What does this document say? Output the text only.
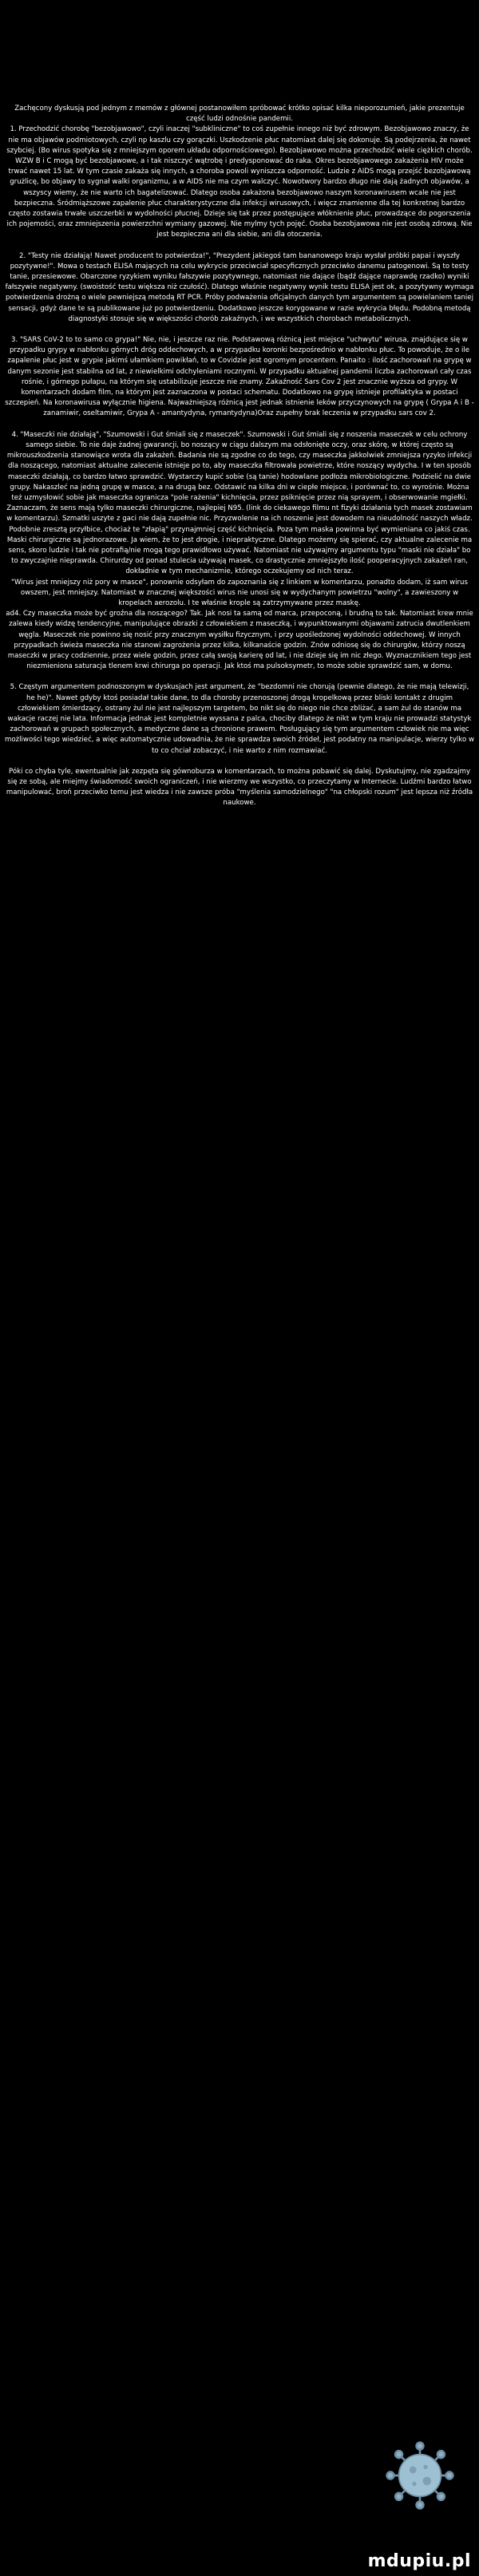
Zachęcony dyskusją pod jednym z memów z głównej postanowiłem spróbować krótko opisać kilka nieporozumień, jakie prezentuje część ludzi odnośnie pandemii.
1. Przechodzić chorobę "bezobjawowo", czyli inaczej "subkliniczne" to coś zupełnie innego niż być zdrowym. Bezobjawowo znaczy, że nie ma objawów podmiotowych, czyli np kaszlu czy gorączki. Uszkodzenie płuc natomiast dalej się dokonuje. Są podejrzenia, że nawet szybciej. (Bo wirus spotyka się z mniejszym oporem układu odpornościowego). Bezobjawowo można przechodzić wiele ciężkich chorób. WZW B i C mogą być bezobjawowe, a i tak niszczyć wątrobę i predysponować do raka. Okres bezobjawowego zakażenia HIV może trwać nawet 15 lat. W tym czasie zakaża się innych, a choroba powoli wyniszcza odporność. Ludzie z AIDS mogą przejść bezobjawową grużlicę, bo objawy to sygnał walki organizmu, a w AIDS nie ma czym walczyć. Nowotwory bardzo długo nie dają żadnych objawów, a wszyscy wiemy, że nie warto ich bagatelizować. Dlatego osoba zakażona bezobjawowo naszym koronawirusem wcale nie jest bezpieczna. Śródmiąższowe zapalenie płuc charakterystyczne dla infekcji wirusowych, i więcz znamienne dla tej konkretnej bardzo często zostawia trwałe uszczerbki w wydolności płucnej. Dzieje się tak przez postępujące włóknienie płuc, prowadzące do pogorszenia ich pojemości, oraz zmniejszenia powierzchni wymiany gazowej. Nie mylmy tych pojęć. Osoba bezobjawowa nie jest osobą zdrową. Nie jest bezpieczna ani dla siebie, ani dla otoczenia.

2. "Testy nie działają! Nawet producent to potwierdza!", "Prezydent jakiegoś tam bananowego kraju wysłał próbki papai i wyszły pozytywne!". Mowa o testach ELISA mających na celu wykrycie przeciwciał specyficznych przeciwko danemu patogenowi. Są to testy tanie, przesiewowe. Obarczone ryzykiem wyniku fałszywie pozytywnego, natomiast nie dające (bądź dające naprawdę rzadko) wyniki fałszywie negatywny. (swoistość testu większa niż czułość). Dlatego właśnie negatywny wynik testu ELISA jest ok, a pozytywny wymaga potwierdzenia drożną o wiele pewniejszą metodą RT PCR. Próby podważenia oficjalnych danych tym argumentem są powielaniem taniej sensacji, gdyż dane te są publikowane już po potwierdzeniu. Dodatkowo jeszcze korygowane w razie wykrycia błędu. Podobną metodą diagnostyki stosuje się w większości chorób zakaźnych, i we wszystkich chorobach metabolicznych.

3. "SARS CoV-2 to to samo co grypa!" Nie, nie, i jeszcze raz nie. Podstawową różnicą jest miejsce "uchwytu" wirusa, znajdujące się w przypadku grypy w nabłonku górnych dróg oddechowych, a w przypadku koronki bezpośrednio w nabłonku płuc. To powoduje, że o ile zapalenie płuc jest w grypie jakimś ułamkiem powikłań, to w Covidzie jest ogromym procentem. Panaito : ilość zachorowań na grypę w danym sezonie jest stabilna od lat, z niewielkimi odchyleniami rocznymi. W przypadku aktualnej pandemii liczba zachorowań cały czas rośnie, i górnego pułapu, na którym się ustabilizuje jeszcze nie znamy. Zakaźność Sars Cov 2 jest znacznie wyższa od grypy. W komentarzach dodam film, na którym jest zaznaczona w postaci schematu. Dodatkowo na grypę istnieje profilaktyka w postaci szczepień. Na koronawirusa wyłącznie higiena. Najważniejszą różnicą jest jednak istnienie leków przyczynowych na grypę ( Grypa A i B - zanamiwir, oseltamiwir, Grypa A - amantydyna, rymantydyna)Oraz zupełny brak leczenia w przypadku sars cov 2.

4. "Maseczki nie działają", "Szumowski i Gut śmiali się z maseczek". Szumowski i Gut śmiali się z noszenia maseczek w celu ochrony samego siebie. To nie daje żadnej gwarancji, bo noszący w ciągu dalszym ma odsłonięte oczy, oraz skórę, w której często są mikrouszkodzenia stanowiące wrota dla zakażeń. Badania nie są zgodne co do tego, czy maseczka jakkolwiek zmniejsza ryzyko infekcji dla noszącego, natomiast aktualne zalecenie istnieje po to, aby maseczka filtrowała powietrze, które noszący wydycha. I w ten sposób maseczki działają, co bardzo łatwo sprawdzić. Wystarczy kupić sobie (są tanie) hodowlane podłoża mikrobiologiczne. Podzielić na dwie grupy. Nakaszleć na jedną grupę w masce, a na drugą bez. Odstawić na kilka dni w ciepłe miejsce, i porównać to, co wyrośnie. Można też uzmysłowić sobie jak maseczka ogranicza "pole rażenia" kichnięcia, przez psiknięcie przez nią sprayem, i obserwowanie mgiełki. Zaznaczam, że sens mają tylko maseczki chirurgiczne, najlepiej N95. (link do ciekawego filmu nt fizyki działania tych masek zostawiam w komentarzu). Szmatki uszyte z gaci nie dają zupełnie nic. Przyzwolenie na ich noszenie jest dowodem na nieudolność naszych władz. Podobnie zresztą przyłbice, chociaż te "złapią" przynajmniej część kichnięcia. Poza tym maska powinna być wymieniana co jakiś czas. Maski chirurgiczne są jednorazowe. Ja wiem, że to jest drogie, i niepraktyczne. Dlatego możemy się spierać, czy aktualne zalecenie ma sens, skoro ludzie i tak nie potrafią/nie mogą tego prawidłowo używać. Natomiast nie używajmy argumentu typu "maski nie działa" bo to zwyczajnie nieprawda. Chirurdzy od ponad stulecia używają masek, co drastycznie zmniejszyło ilość pooperacyjnych zakażeń ran, dokładnie w tym mechanizmie, którego oczekujemy od nich teraz.
"Wirus jest mniejszy niż pory w masce", ponownie odsyłam do zapoznania się z linkiem w komentarzu, ponadto dodam, iż sam wirus owszem, jest mniejszy. Natomiast w znacznej większości wirus nie unosi się w wydychanym powietrzu "wolny", a zawieszony w kropelach aerozolu. I te właśnie krople są zatrzymywane przez maskę.
ad4. Czy maseczka może być groźna dla noszącego? Tak. Jak nosi ta samą od marca, przepoconą, i brudną to tak. Natomiast krew mnie zalewa kiedy widzę tendencyjne, manipulujące obrazki z człowiekiem z maseczką, i wypunktowanymi objawami zatrucia dwutlenkiem węgla. Maseczek nie powinno się nosić przy znacznym wysiłku fizycznym, i przy upośledzonej wydolności oddechowej. W innych przypadkach świeża maseczka nie stanowi zagrożenia przez kilka, kilkanaście godzin. Znów odniosę się do chirurgów, którzy noszą maseczki w pracy codziennie, przez wiele godzin, przez całą swoją karierę od lat, i nie dzieje się im nic złego. Wyznacznikiem tego jest niezmieniona saturacja tlenem krwi chirurga po operacji. Jak ktoś ma pulsoksymetr, to może sobie sprawdzić sam, w domu.

5. Częstym argumentem podnoszonym w dyskusjach jest argument, że "bezdomni nie chorują (pewnie dlatego, że nie mają telewizji, he he)". Nawet gdyby ktoś posiadał takie dane, to dla choroby przenoszonej drogą kropelkową przez bliski kontakt z drugim człowiekiem śmierdzący, ostrany żul nie jest najlepszym targetem, bo nikt się do niego nie chce zbliżać, a sam żul do stanów ma wakacje raczej nie lata. Informacja jednak jest kompletnie wyssana z palca, chociby dlatego że nikt w tym kraju nie prowadzi statystyk zachorowań w grupach społecznych, a medyczne dane są chronione prawem. Posługujący się tym argumentem człowiek nie ma więc możliwości tego wiedzieć, a więc automatycznie udowadnia, że nie sprawdza swoich źródeł, jest podatny na manipulacje, wierzy tylko w to co chciał zobaczyć, i nie warto z nim rozmawiać.

Póki co chyba tyle, ewentualnie jak zezpęta się gównoburza w komentarzach, to można pobawić się dalej. Dyskutujmy, nie zgadzajmy się ze sobą, ale miejmy świadomość swoich ograniczeń, i nie wierzmy we wszystko, co przeczytamy w Internecie. Ludźmi bardzo łatwo manipulować, broń przeciwko temu jest wiedza i nie zawsze próba "myślenia samodzielnego" "na chłopski rozum" jest lepsza niż źródła naukowe.

mdupiu.pl
